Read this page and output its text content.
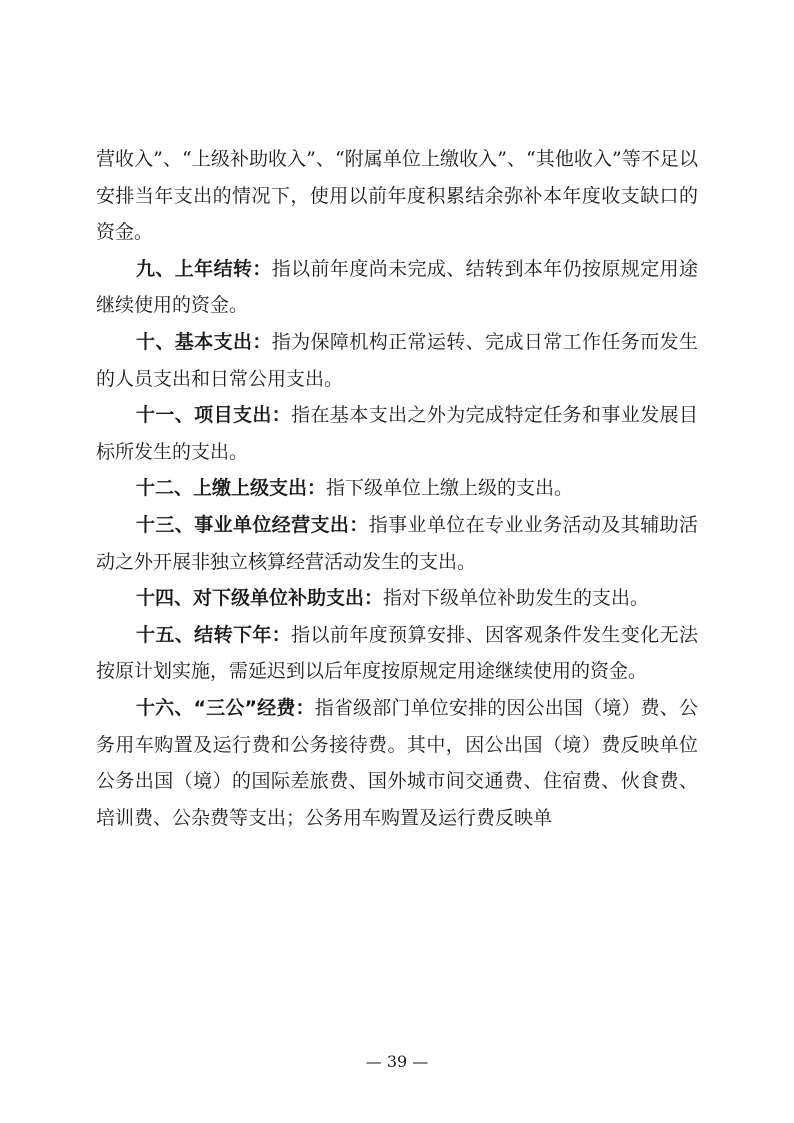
营收入”、“上级补助收入”、“附属单位上缴收入”、“其他收入”等不足以安排当年支出的情况下，使用以前年度积累结余弥补本年度收支缺口的资金。

九、上年结转：指以前年度尚未完成、结转到本年仍按原规定用途继续使用的资金。

十、基本支出：指为保障机构正常运转、完成日常工作任务而发生的人员支出和日常公用支出。

十一、项目支出：指在基本支出之外为完成特定任务和事业发展目标所发生的支出。

十二、上缴上级支出：指下级单位上缴上级的支出。

十三、事业单位经营支出：指事业单位在专业业务活动及其辅助活动之外开展非独立核算经营活动发生的支出。

十四、对下级单位补助支出：指对下级单位补助发生的支出。

十五、结转下年：指以前年度预算安排、因客观条件发生变化无法按原计划实施，需延迟到以后年度按原规定用途继续使用的资金。

十六、“三公”经费：指省级部门单位安排的因公出国（境）费、公务用车购置及运行费和公务接待费。其中，因公出国（境）费反映单位公务出国（境）的国际差旅费、国外城市间交通费、住宿费、伙食费、培训费、公杂费等支出；公务用车购置及运行费反映单

— 39 —
